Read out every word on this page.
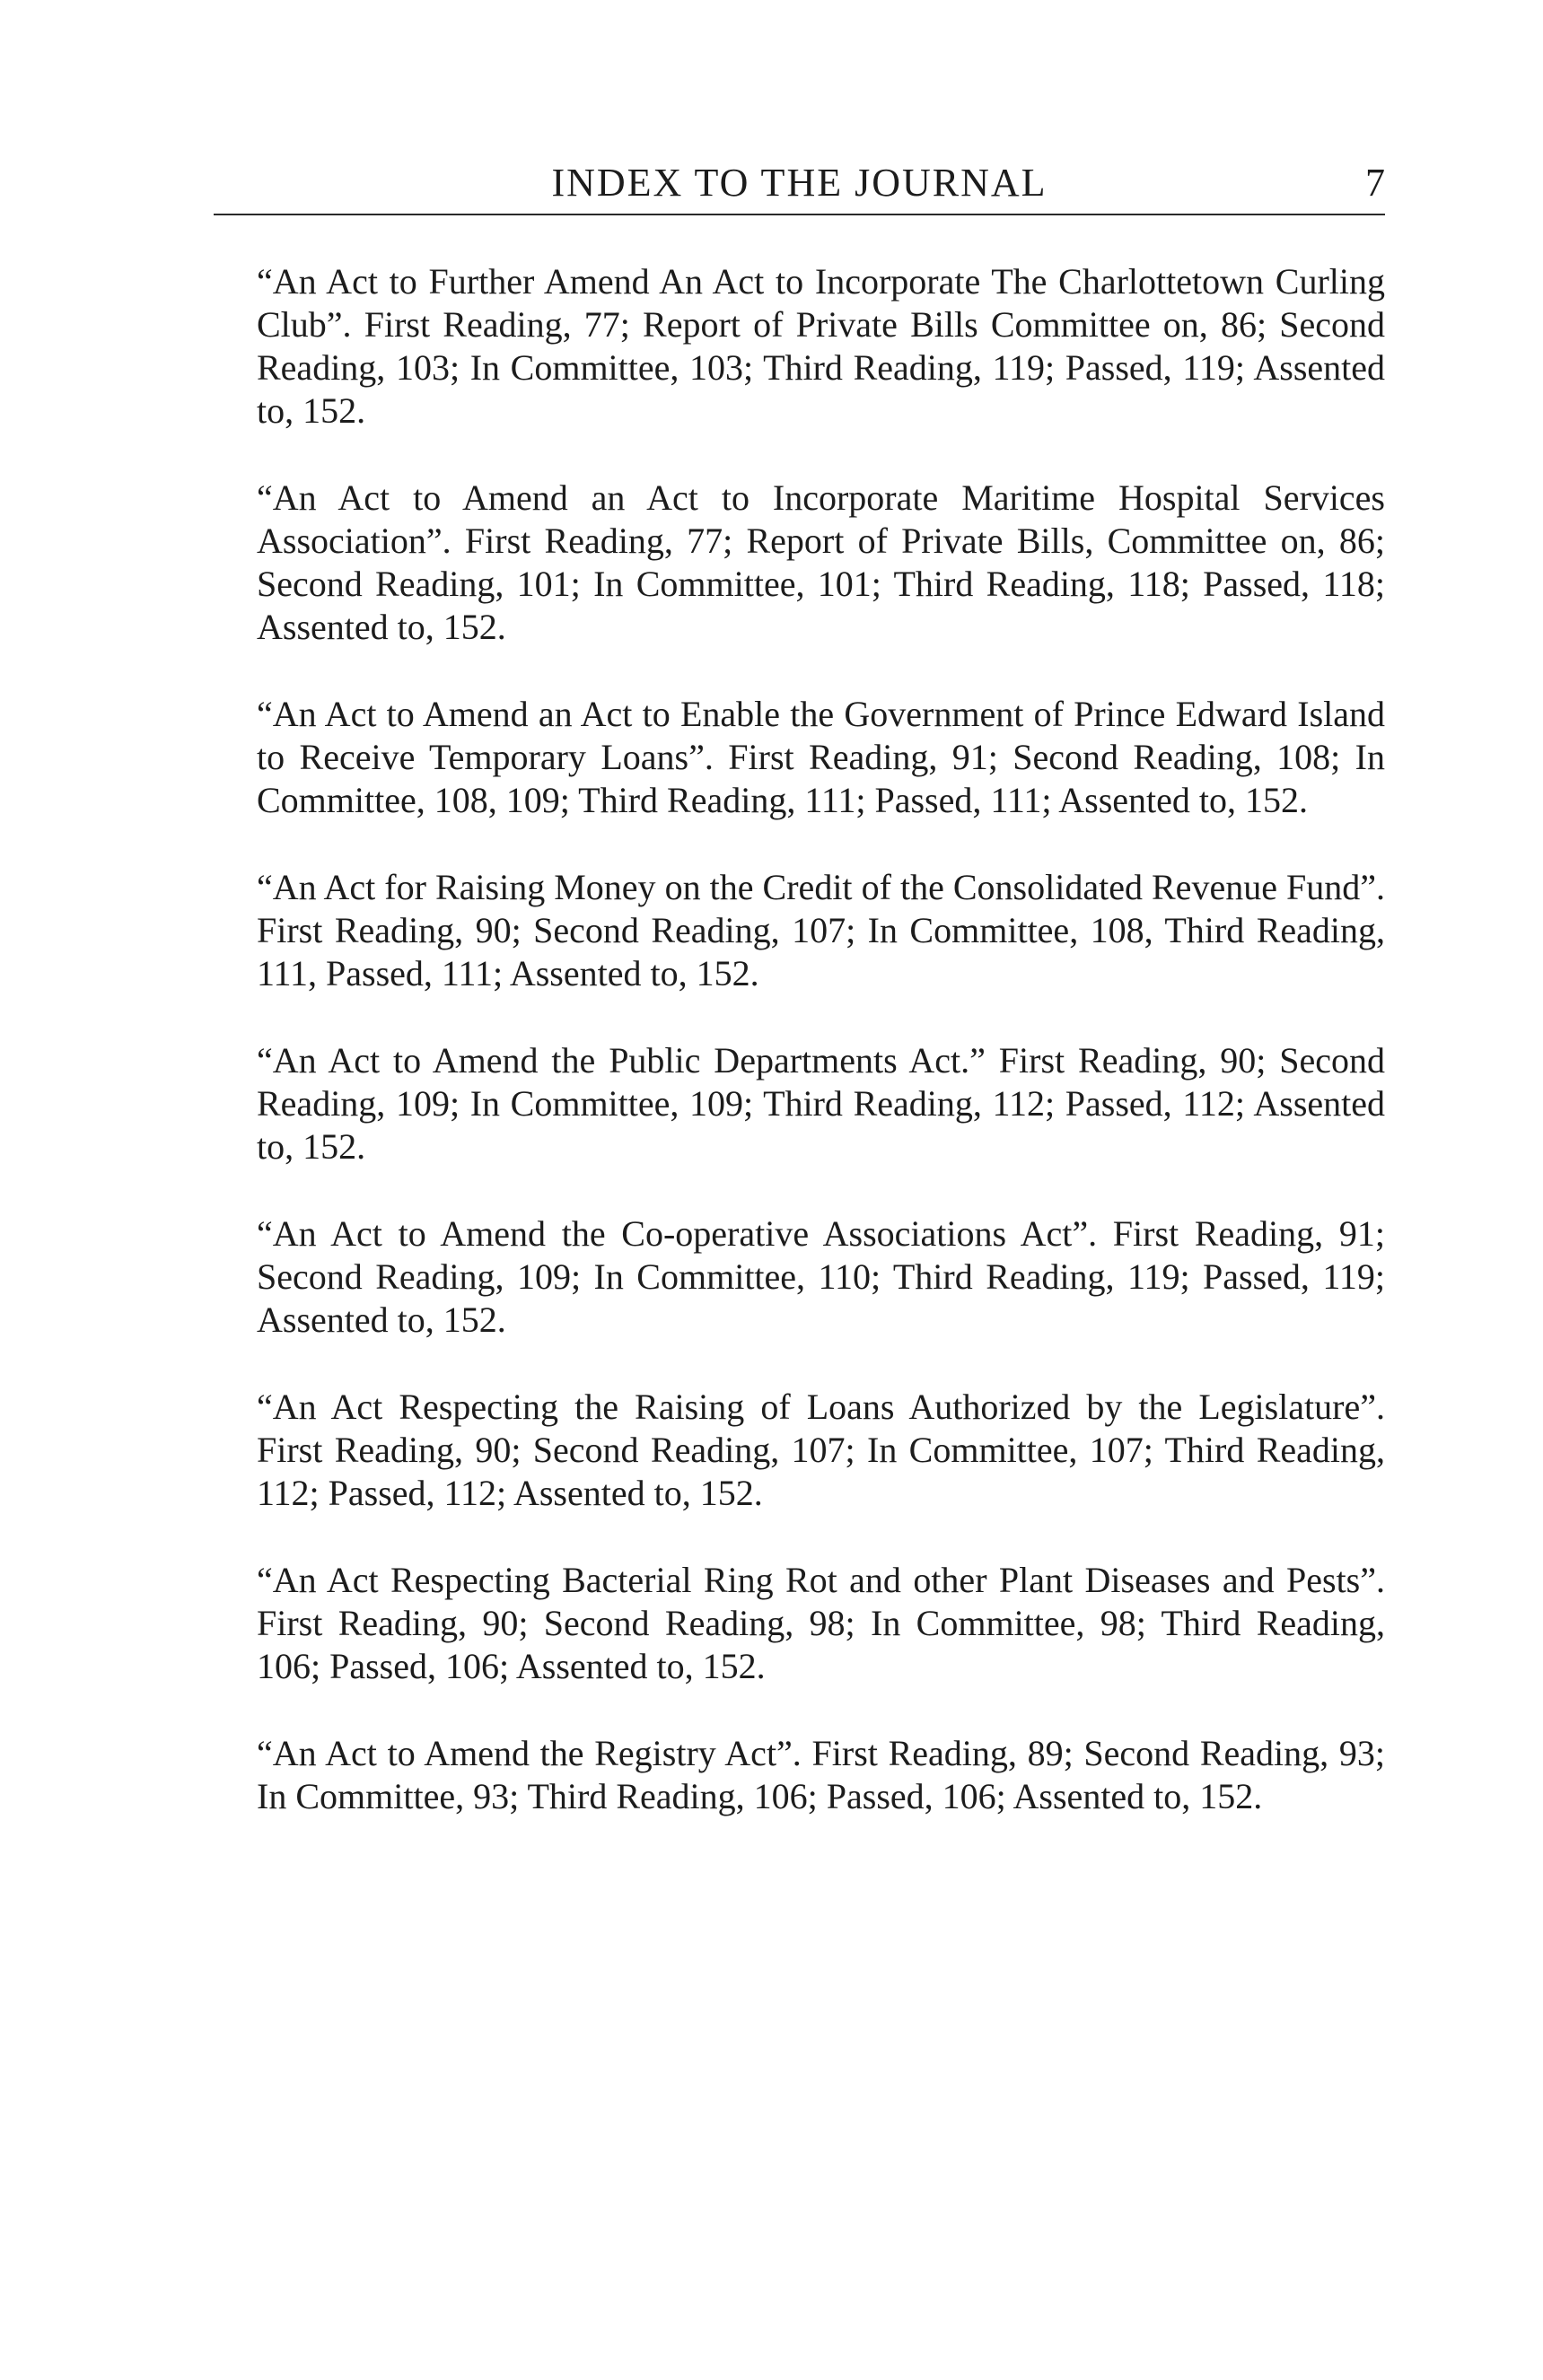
INDEX TO THE JOURNAL	7

“An Act to Further Amend An Act to Incorporate The Charlottetown Curling Club”. First Reading, 77; Report of Private Bills Committee on, 86; Second Reading, 103; In Committee, 103; Third Reading, 119; Passed, 119; Assented to, 152.

“An Act to Amend an Act to Incorporate Maritime Hospital Services Association”. First Reading, 77; Report of Private Bills, Committee on, 86; Second Reading, 101; In Committee, 101; Third Reading, 118; Passed, 118; Assented to, 152.

“An Act to Amend an Act to Enable the Government of Prince Edward Island to Receive Temporary Loans”. First Reading, 91; Second Reading, 108; In Committee, 108, 109; Third Reading, 111; Passed, 111; Assented to, 152.

“An Act for Raising Money on the Credit of the Consolidated Revenue Fund”. First Reading, 90; Second Reading, 107; In Committee, 108, Third Reading, 111, Passed, 111; Assented to, 152.

“An Act to Amend the Public Departments Act.” First Reading, 90; Second Reading, 109; In Committee, 109; Third Reading, 112; Passed, 112; Assented to, 152.

“An Act to Amend the Co-operative Associations Act”. First Reading, 91; Second Reading, 109; In Committee, 110; Third Reading, 119; Passed, 119; Assented to, 152.

“An Act Respecting the Raising of Loans Authorized by the Legislature”. First Reading, 90; Second Reading, 107; In Committee, 107; Third Reading, 112; Passed, 112; Assented to, 152.

“An Act Respecting Bacterial Ring Rot and other Plant Diseases and Pests”. First Reading, 90; Second Reading, 98; In Committee, 98; Third Reading, 106; Passed, 106; Assented to, 152.

“An Act to Amend the Registry Act”. First Reading, 89; Second Reading, 93; In Committee, 93; Third Reading, 106; Passed, 106; Assented to, 152.
